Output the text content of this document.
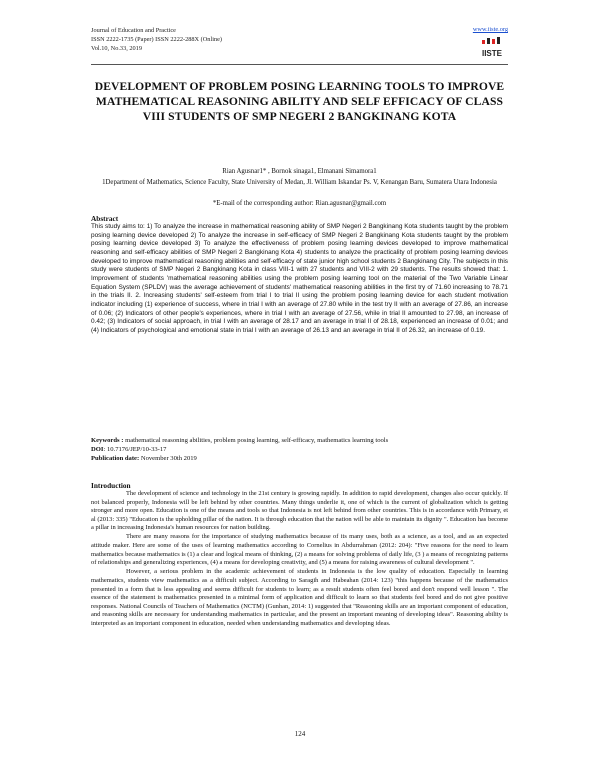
Journal of Education and Practice
ISSN 2222-1735 (Paper) ISSN 2222-288X (Online)
Vol.10, No.33, 2019
www.iiste.org
IISTE
DEVELOPMENT OF PROBLEM POSING LEARNING TOOLS TO IMPROVE MATHEMATICAL REASONING ABILITY AND SELF EFFICACY OF CLASS VIII STUDENTS OF SMP NEGERI 2 BANGKINANG KOTA
Rian Agusnar1* , Bornok sinaga1, Elmanani Simamora1
1Department of Mathematics, Science Faculty, State University of Medan, Jl. William Iskandar Ps. V, Kenangan Baru, Sumatera Utara Indonesia
*E-mail of the corresponding author: Rian.agusnar@gmail.com
Abstract
This study aims to: 1) To analyze the increase in mathematical reasoning ability of SMP Negeri 2 Bangkinang Kota students taught by the problem posing learning device developed 2) To analyze the increase in self-efficacy of SMP Negeri 2 Bangkinang Kota students taught by the problem posing learning device developed 3) To analyze the effectiveness of problem posing learning devices developed to improve mathematical reasoning and self-efficacy abilities of SMP Negeri 2 Bangkinang Kota 4) students to analyze the practicality of problem posing learning devices developed to improve mathematical reasoning abilities and self-efficacy of state junior high school students 2 Bangkinang City. The subjects in this study were students of SMP Negeri 2 Bangkinang Kota in class VIII-1 with 27 students and VIII-2 with 29 students. The results showed that: 1. Improvement of students 'mathematical reasoning abilities using the problem posing learning tool on the material of the Two Variable Linear Equation System (SPLDV) was the average achievement of students' mathematical reasoning abilities in the first try of 71.60 increasing to 78.71 in the trials II. 2. Increasing students' self-esteem from trial I to trial II using the problem posing learning device for each student motivation indicator including (1) experience of success, where in trial I with an average of 27.80 while in the test try II with an average of 27.86, an increase of 0.06; (2) Indicators of other people's experiences, where in trial I with an average of 27.56, while in trial II amounted to 27.98, an increase of 0.42; (3) Indicators of social approach, in trial I with an average of 28.17 and an average in trial II of 28.18, experienced an increase of 0.01; and (4) Indicators of psychological and emotional state in trial I with an average of 26.13 and an average in trial II of 26.32, an increase of 0.19.
Keywords : mathematical reasoning abilities, problem posing learning, self-efficacy, mathematics learning tools
DOI: 10.7176/JEP/10-33-17
Publication date: November 30th 2019
Introduction

The development of science and technology in the 21st century is growing rapidly. In addition to rapid development, changes also occur quickly. If not balanced properly, Indonesia will be left behind by other countries. Many things underlie it, one of which is the current of globalization which is getting stronger and more open. Education is one of the means and tools so that Indonesia is not left behind from other countries. This is in accordance with Primary, et al (2013: 335) "Education is the upholding pillar of the nation. It is through education that the nation will be able to maintain its dignity ". Education has become a pillar in increasing Indonesia's human resources for nation building.

There are many reasons for the importance of studying mathematics because of its many uses, both as a science, as a tool, and as an expected attitude maker. Here are some of the uses of learning mathematics according to Cornelius in Abdurrahman (2012: 204): "Five reasons for the need to learn mathematics because mathematics is (1) a clear and logical means of thinking, (2) a means for solving problems of daily life, (3 ) a means of recognizing patterns of relationships and generalizing experiences, (4) a means for developing creativity, and (5) a means for raising awareness of cultural development ".

However, a serious problem in the academic achievement of students in Indonesia is the low quality of education. Especially in learning mathematics, students view mathematics as a difficult subject. According to Saragih and Habeahan (2014: 123) "this happens because of the mathematics presented in a form that is less appealing and seems difficult for students to learn; as a result students often feel bored and don't respond well lesson ". The essence of the statement is mathematics presented in a minimal form of application and difficult to learn so that students feel bored and do not give positive responses. National Councils of Teachers of Mathematics (NCTM) (Gunhan, 2014: 1) suggested that "Reasoning skills are an important component of education, and reasoning skills are necessary for understanding mathematics in particular, and the present an important meaning of developing ideas". Reasoning ability is interpreted as an important component in education, needed when understanding mathematics and developing ideas.

124
